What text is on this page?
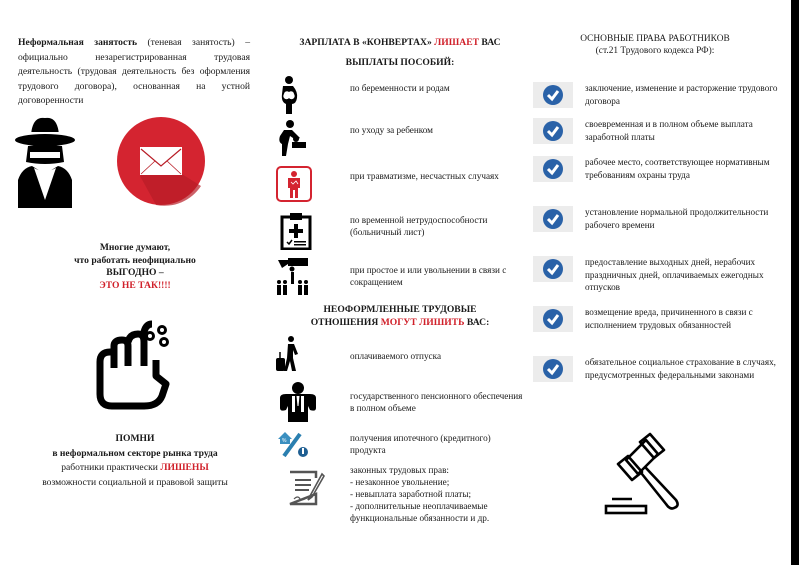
Неформальная занятость (теневая занятость) – официально незарегистрированная трудовая деятельность (трудовая деятельность без оформления трудового договора), основанная на устной договоренности
Многие думают,
что работать неофициально
ВЫГОДНО –
ЭТО НЕ ТАК!!!!
ПОМНИ
в неформальном секторе рынка труда
работники практически ЛИШЕНЫ
возможности социальной и правовой защиты
ЗАРПЛАТА В «КОНВЕРТАХ» ЛИШАЕТ ВАС
ВЫПЛАТЫ ПОСОБИЙ:
по беременности и родам
по уходу за ребенком
при травматизме, несчастных случаях
по временной нетрудоспособности (больничный лист)
при простое и или увольнении в связи с сокращением
НЕОФОРМЛЕННЫЕ ТРУДОВЫЕ
ОТНОШЕНИЯ МОГУТ ЛИШИТЬ ВАС:
оплачиваемого отпуска
государственного пенсионного обеспечения в полном объеме
%	получения ипотечного (кредитного) продукта
законных трудовых прав:
- незаконное увольнение;
- невыплата заработной платы;
- дополнительные неоплачиваемые функциональные обязанности и др.
ОСНОВНЫЕ ПРАВА РАБОТНИКОВ
(ст.21 Трудового кодекса РФ):
заключение, изменение и расторжение трудового договора
своевременная и в полном объеме выплата заработной платы
рабочее место, соответствующее нормативным требованиям охраны труда
установление нормальной продолжительности рабочего времени
предоставление выходных дней, нерабочих праздничных дней, оплачиваемых ежегодных отпусков
возмещение вреда, причиненного в связи с исполнением трудовых обязанностей
обязательное социальное страхование в случаях, предусмотренных федеральными законами
